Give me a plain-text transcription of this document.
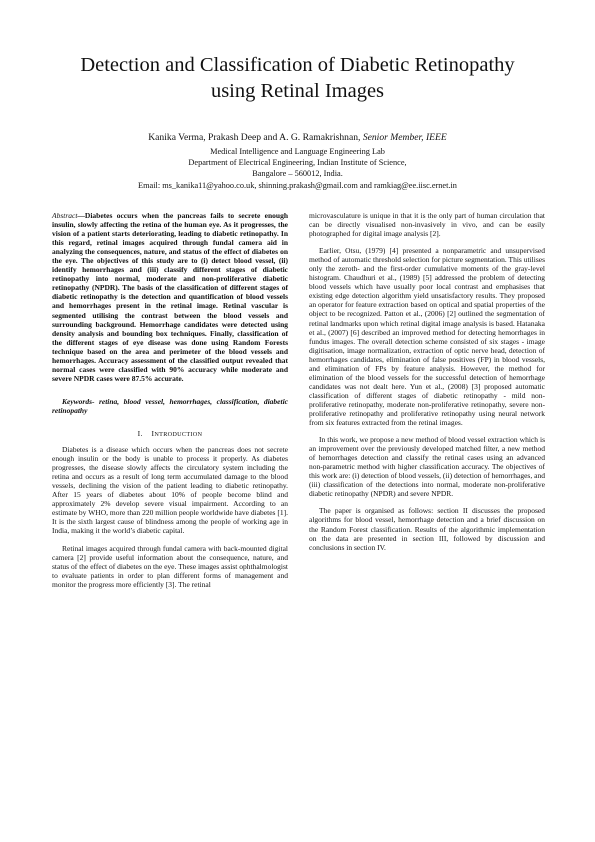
Detection and Classification of Diabetic Retinopathy
using Retinal Images
Kanika Verma, Prakash Deep and A. G. Ramakrishnan, Senior Member, IEEE
Medical Intelligence and Language Engineering Lab
Department of Electrical Engineering, Indian Institute of Science,
Bangalore – 560012, India.
Email: ms_kanika11@yahoo.co.uk, shinning.prakash@gmail.com and ramkiag@ee.iisc.ernet.in

Abstract—Diabetes occurs when the pancreas fails to secrete enough insulin, slowly affecting the retina of the human eye. As it progresses, the vision of a patient starts deteriorating, leading to diabetic retinopathy. In this regard, retinal images acquired through fundal camera aid in analyzing the consequences, nature, and status of the effect of diabetes on the eye. The objectives of this study are to (i) detect blood vessel, (ii) identify hemorrhages and (iii) classify different stages of diabetic retinopathy into normal, moderate and non-proliferative diabetic retinopathy (NPDR). The basis of the classification of different stages of diabetic retinopathy is the detection and quantification of blood vessels and hemorrhages present in the retinal image. Retinal vascular is segmented utilising the contrast between the blood vessels and surrounding background. Hemorrhage candidates were detected using density analysis and bounding box techniques. Finally, classification of the different stages of eye disease was done using Random Forests technique based on the area and perimeter of the blood vessels and hemorrhages. Accuracy assessment of the classified output revealed that normal cases were classified with 90% accuracy while moderate and severe NPDR cases were 87.5% accurate.

Keywords- retina, blood vessel, hemorrhages, classification, diabetic retinopathy

I. INTRODUCTION

Diabetes is a disease which occurs when the pancreas does not secrete enough insulin or the body is unable to process it properly. As diabetes progresses, the disease slowly affects the circulatory system including the retina and occurs as a result of long term accumulated damage to the blood vessels, declining the vision of the patient leading to diabetic retinopathy. After 15 years of diabetes about 10% of people become blind and approximately 2% develop severe visual impairment. According to an estimate by WHO, more than 220 million people worldwide have diabetes [1]. It is the sixth largest cause of blindness among the people of working age in India, making it the world’s diabetic capital.

Retinal images acquired through fundal camera with back-mounted digital camera [2] provide useful information about the consequence, nature, and status of the effect of diabetes on the eye. These images assist ophthalmologist to evaluate patients in order to plan different forms of management and monitor the progress more efficiently [3]. The retinal

microvasculature is unique in that it is the only part of human circulation that can be directly visualised non-invasively in vivo, and can be easily photographed for digital image analysis [2].

Earlier, Otsu, (1979) [4] presented a nonparametric and unsupervised method of automatic threshold selection for picture segmentation. This utilises only the zeroth- and the first-order cumulative moments of the gray-level histogram. Chaudhuri et al., (1989) [5] addressed the problem of detecting blood vessels which have usually poor local contrast and emphasises that existing edge detection algorithm yield unsatisfactory results. They proposed an operator for feature extraction based on optical and spatial properties of the object to be recognized. Patton et al., (2006) [2] outlined the segmentation of retinal landmarks upon which retinal digital image analysis is based. Hatanaka et al., (2007) [6] described an improved method for detecting hemorrhages in fundus images. The overall detection scheme consisted of six stages - image digitisation, image normalization, extraction of optic nerve head, detection of hemorrhages candidates, elimination of false positives (FP) in blood vessels, and elimination of FPs by feature analysis. However, the method for elimination of the blood vessels for the successful detection of hemorrhage candidates was not dealt here. Yun et al., (2008) [3] proposed automatic classification of different stages of diabetic retinopathy - mild non-proliferative retinopathy, moderate non-proliferative retinopathy, severe non-proliferative retinopathy and proliferative retinopathy using neural network from six features extracted from the retinal images.

In this work, we propose a new method of blood vessel extraction which is an improvement over the previously developed matched filter, a new method of hemorrhages detection and classify the retinal cases using an advanced non-parametric method with higher classification accuracy. The objectives of this work are: (i) detection of blood vessels, (ii) detection of hemorrhages, and (iii) classification of the detections into normal, moderate non-proliferative diabetic retinopathy (NPDR) and severe NPDR.

The paper is organised as follows: section II discusses the proposed algorithms for blood vessel, hemorrhage detection and a brief discussion on the Random Forest classification. Results of the algorithmic implementation on the data are presented in section III, followed by discussion and conclusions in section IV.
